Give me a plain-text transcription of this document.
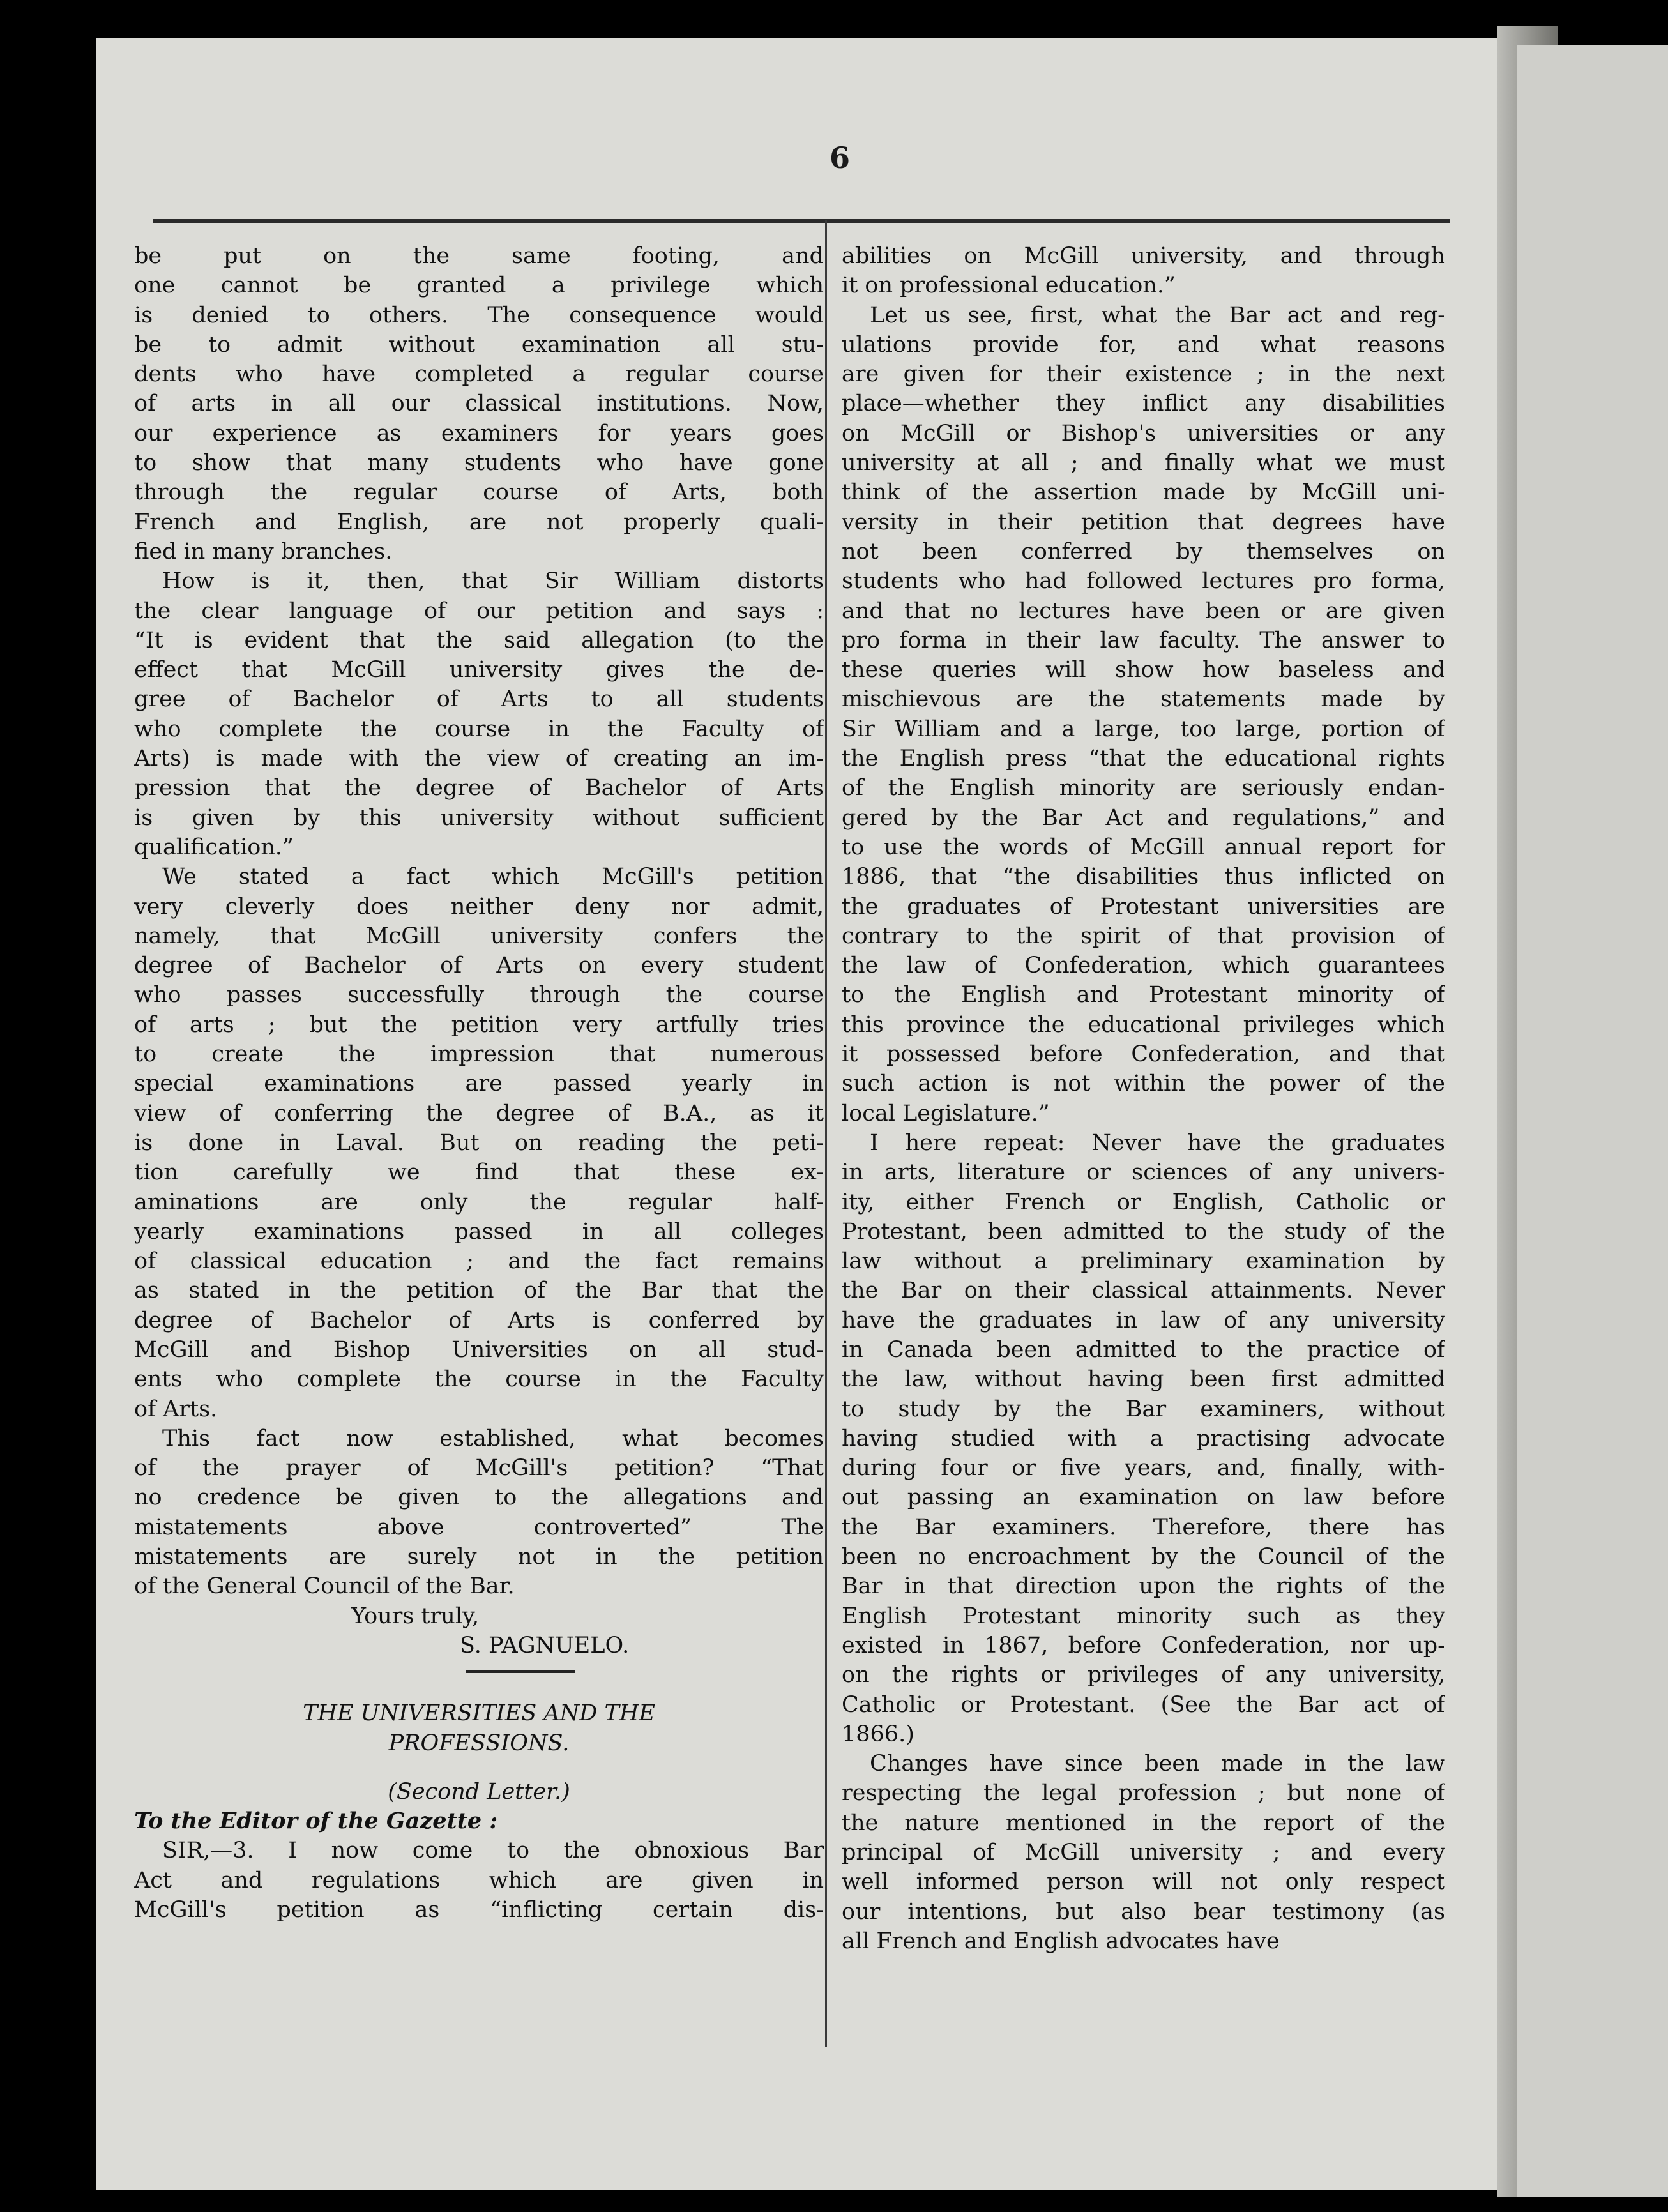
6

be put on the same footing, and

one cannot be granted a privilege which

is denied to others. The consequence would

be to admit without examination all stu-

dents who have completed a regular course

of arts in all our classical institutions. Now,

our experience as examiners for years goes

to show that many students who have gone

through the regular course of Arts, both

French and English, are not properly quali-

fied in many branches.

How is it, then, that Sir William distorts

the clear language of our petition and says :

“It is evident that the said allegation (to the

effect that McGill university gives the de-

gree of Bachelor of Arts to all students

who complete the course in the Faculty of

Arts) is made with the view of creating an im-

pression that the degree of Bachelor of Arts

is given by this university without sufficient

qualification.”

We stated a fact which McGill's petition

very cleverly does neither deny nor admit,

namely, that McGill university confers the

degree of Bachelor of Arts on every student

who passes successfully through the course

of arts ; but the petition very artfully tries

to create the impression that numerous

special examinations are passed yearly in

view of conferring the degree of B.A., as it

is done in Laval. But on reading the peti-

tion carefully we find that these ex-

aminations are only the regular half-

yearly examinations passed in all colleges

of classical education ; and the fact remains

as stated in the petition of the Bar that the

degree of Bachelor of Arts is conferred by

McGill and Bishop Universities on all stud-

ents who complete the course in the Faculty

of Arts.

This fact now established, what becomes

of the prayer of McGill's petition? “That

no credence be given to the allegations and

mistatements above controverted” The

mistatements are surely not in the petition

of the General Council of the Bar.

Yours truly,

S. PAGNUELO.

THE UNIVERSITIES AND THE

PROFESSIONS.

(Second Letter.)

To the Editor of the Gazette :

SIR,—3. I now come to the obnoxious Bar

Act and regulations which are given in

McGill's petition as “inflicting certain dis-

abilities on McGill university, and through

it on professional education.”

Let us see, first, what the Bar act and reg-

ulations provide for, and what reasons

are given for their existence ; in the next

place—whether they inflict any disabilities

on McGill or Bishop's universities or any

university at all ; and finally what we must

think of the assertion made by McGill uni-

versity in their petition that degrees have

not been conferred by themselves on

students who had followed lectures pro forma,

and that no lectures have been or are given

pro forma in their law faculty. The answer to

these queries will show how baseless and

mischievous are the statements made by

Sir William and a large, too large, portion of

the English press “that the educational rights

of the English minority are seriously endan-

gered by the Bar Act and regulations,” and

to use the words of McGill annual report for

1886, that “the disabilities thus inflicted on

the graduates of Protestant universities are

contrary to the spirit of that provision of

the law of Confederation, which guarantees

to the English and Protestant minority of

this province the educational privileges which

it possessed before Confederation, and that

such action is not within the power of the

local Legislature.”

I here repeat: Never have the graduates

in arts, literature or sciences of any univers-

ity, either French or English, Catholic or

Protestant, been admitted to the study of the

law without a preliminary examination by

the Bar on their classical attainments. Never

have the graduates in law of any university

in Canada been admitted to the practice of

the law, without having been first admitted

to study by the Bar examiners, without

having studied with a practising advocate

during four or five years, and, finally, with-

out passing an examination on law before

the Bar examiners. Therefore, there has

been no encroachment by the Council of the

Bar in that direction upon the rights of the

English Protestant minority such as they

existed in 1867, before Confederation, nor up-

on the rights or privileges of any university,

Catholic or Protestant. (See the Bar act of

1866.)

Changes have since been made in the law

respecting the legal profession ; but none of

the nature mentioned in the report of the

principal of McGill university ; and every

well informed person will not only respect

our intentions, but also bear testimony (as

all French and English advocates have
